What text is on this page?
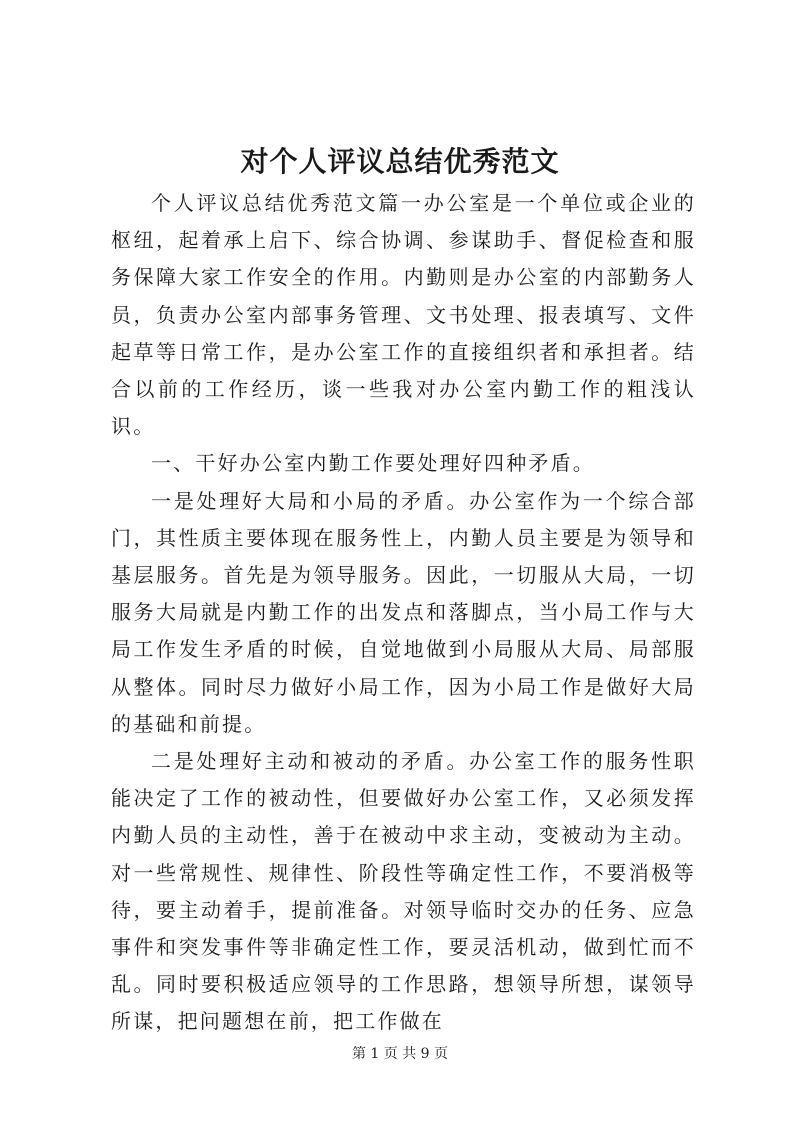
对个人评议总结优秀范文

个人评议总结优秀范文篇一办公室是一个单位或企业的枢纽，起着承上启下、综合协调、参谋助手、督促检查和服务保障大家工作安全的作用。内勤则是办公室的内部勤务人员，负责办公室内部事务管理、文书处理、报表填写、文件起草等日常工作，是办公室工作的直接组织者和承担者。结合以前的工作经历，谈一些我对办公室内勤工作的粗浅认识。

一、干好办公室内勤工作要处理好四种矛盾。

一是处理好大局和小局的矛盾。办公室作为一个综合部门，其性质主要体现在服务性上，内勤人员主要是为领导和基层服务。首先是为领导服务。因此，一切服从大局，一切服务大局就是内勤工作的出发点和落脚点，当小局工作与大局工作发生矛盾的时候，自觉地做到小局服从大局、局部服从整体。同时尽力做好小局工作，因为小局工作是做好大局的基础和前提。

二是处理好主动和被动的矛盾。办公室工作的服务性职能决定了工作的被动性，但要做好办公室工作，又必须发挥内勤人员的主动性，善于在被动中求主动，变被动为主动。对一些常规性、规律性、阶段性等确定性工作，不要消极等待，要主动着手，提前准备。对领导临时交办的任务、应急事件和突发事件等非确定性工作，要灵活机动，做到忙而不乱。同时要积极适应领导的工作思路，想领导所想，谋领导所谋，把问题想在前，把工作做在

第 1 页 共 9 页
